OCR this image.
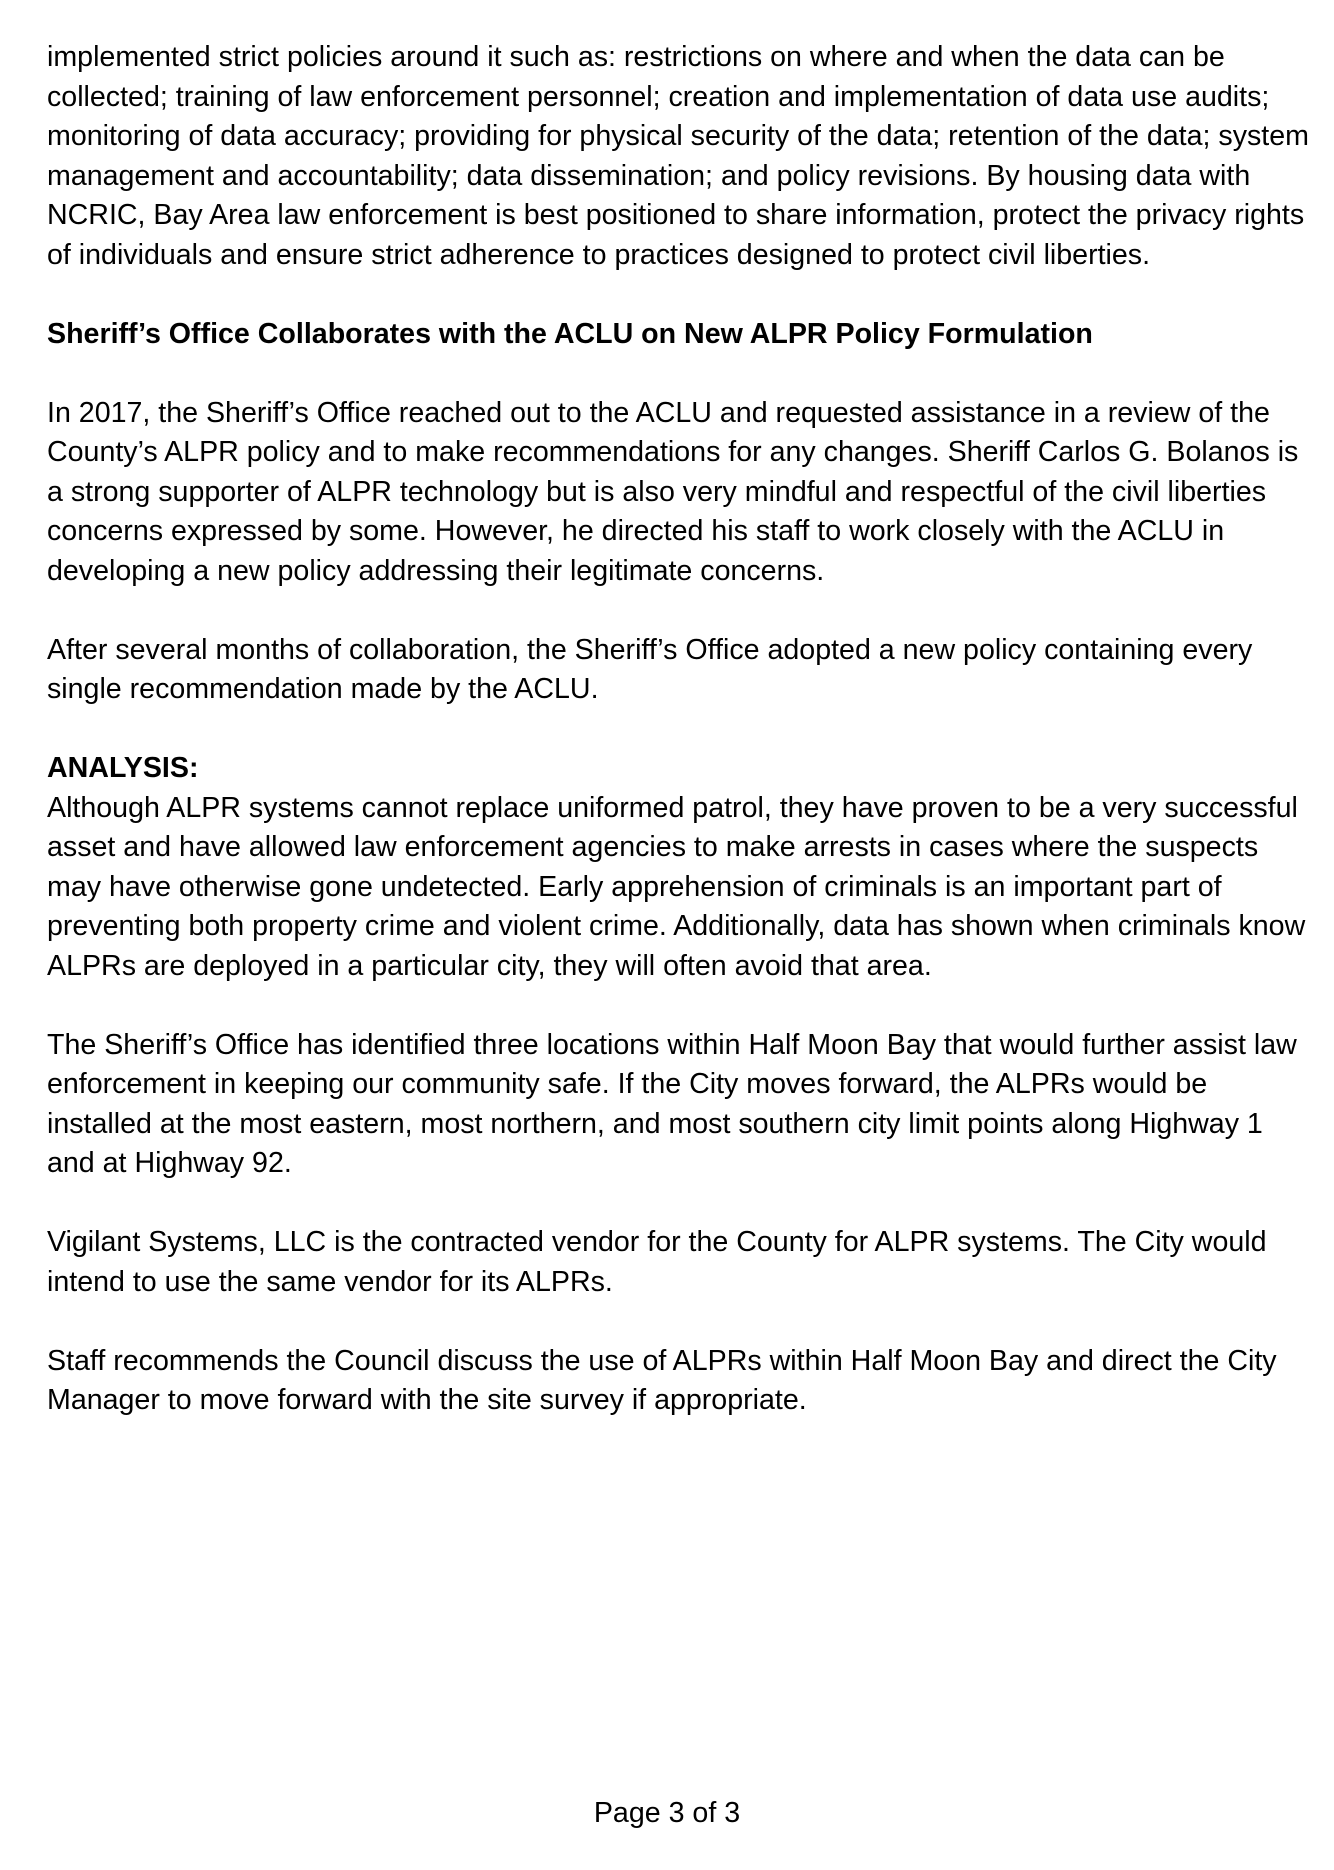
implemented strict policies around it such as: restrictions on where and when the data can be collected; training of law enforcement personnel; creation and implementation of data use audits; monitoring of data accuracy; providing for physical security of the data; retention of the data; system management and accountability; data dissemination; and policy revisions. By housing data with NCRIC, Bay Area law enforcement is best positioned to share information, protect the privacy rights of individuals and ensure strict adherence to practices designed to protect civil liberties.

Sheriff’s Office Collaborates with the ACLU on New ALPR Policy Formulation

In 2017, the Sheriff’s Office reached out to the ACLU and requested assistance in a review of the County’s ALPR policy and to make recommendations for any changes. Sheriff Carlos G. Bolanos is a strong supporter of ALPR technology but is also very mindful and respectful of the civil liberties concerns expressed by some. However, he directed his staff to work closely with the ACLU in developing a new policy addressing their legitimate concerns.

After several months of collaboration, the Sheriff’s Office adopted a new policy containing every single recommendation made by the ACLU.

ANALYSIS:

Although ALPR systems cannot replace uniformed patrol, they have proven to be a very successful asset and have allowed law enforcement agencies to make arrests in cases where the suspects may have otherwise gone undetected. Early apprehension of criminals is an important part of preventing both property crime and violent crime. Additionally, data has shown when criminals know ALPRs are deployed in a particular city, they will often avoid that area.

The Sheriff’s Office has identified three locations within Half Moon Bay that would further assist law enforcement in keeping our community safe. If the City moves forward, the ALPRs would be installed at the most eastern, most northern, and most southern city limit points along Highway 1 and at Highway 92.

Vigilant Systems, LLC is the contracted vendor for the County for ALPR systems. The City would intend to use the same vendor for its ALPRs.

Staff recommends the Council discuss the use of ALPRs within Half Moon Bay and direct the City Manager to move forward with the site survey if appropriate.

Page 3 of 3
